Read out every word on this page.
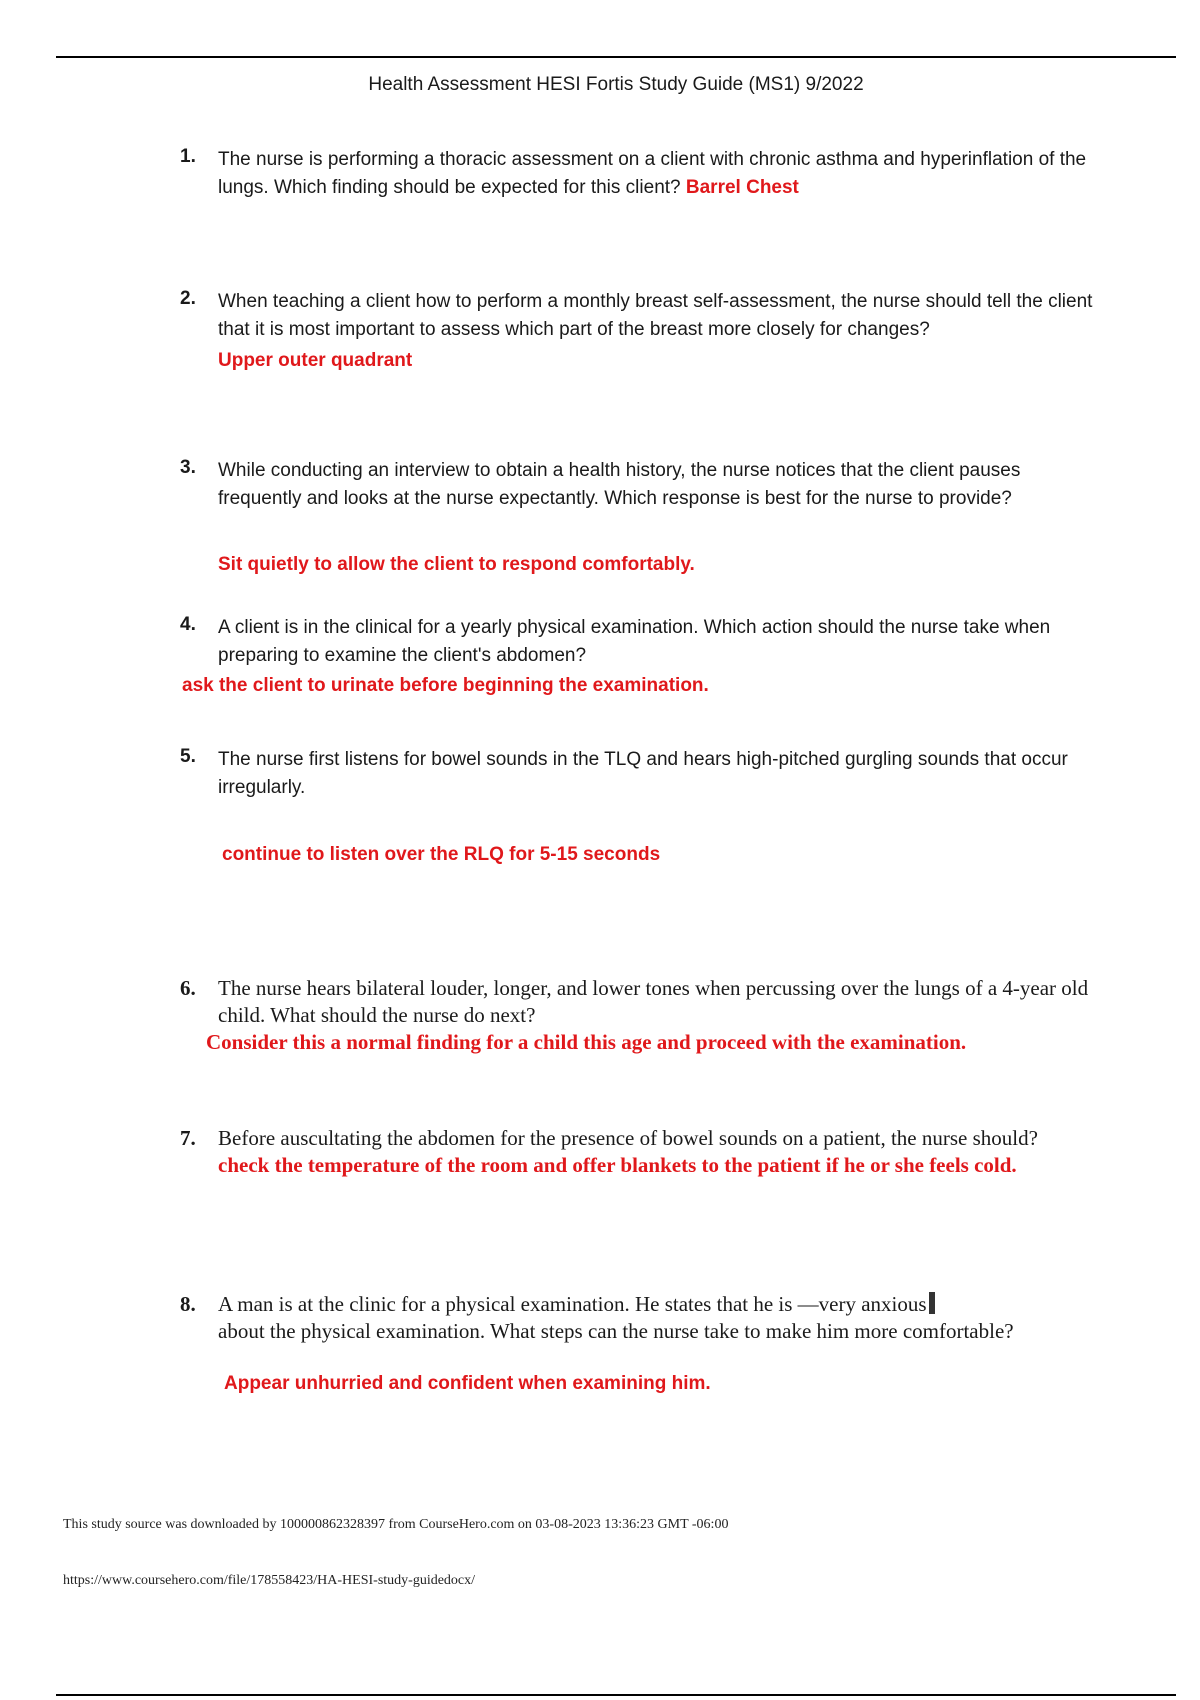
Health Assessment HESI Fortis Study Guide (MS1) 9/2022
1. The nurse is performing a thoracic assessment on a client with chronic asthma and hyperinflation of the lungs. Which finding should be expected for this client? Barrel Chest
2. When teaching a client how to perform a monthly breast self-assessment, the nurse should tell the client that it is most important to assess which part of the breast more closely for changes?
Upper outer quadrant
3. While conducting an interview to obtain a health history, the nurse notices that the client pauses frequently and looks at the nurse expectantly. Which response is best for the nurse to provide?
Sit quietly to allow the client to respond comfortably.
4. A client is in the clinical for a yearly physical examination. Which action should the nurse take when preparing to examine the client's abdomen?
ask the client to urinate before beginning the examination.
5. The nurse first listens for bowel sounds in the TLQ and hears high-pitched gurgling sounds that occur irregularly.
continue to listen over the RLQ for 5-15 seconds
6. The nurse hears bilateral louder, longer, and lower tones when percussing over the lungs of a 4-year old child. What should the nurse do next?
Consider this a normal finding for a child this age and proceed with the examination.
7. Before auscultating the abdomen for the presence of bowel sounds on a patient, the nurse should?
check the temperature of the room and offer blankets to the patient if he or she feels cold.
8. A man is at the clinic for a physical examination. He states that he is —very anxious
about the physical examination. What steps can the nurse take to make him more comfortable?
Appear unhurried and confident when examining him.
This study source was downloaded by 100000862328397 from CourseHero.com on 03-08-2023 13:36:23 GMT -06:00
https://www.coursehero.com/file/178558423/HA-HESI-study-guidedocx/
